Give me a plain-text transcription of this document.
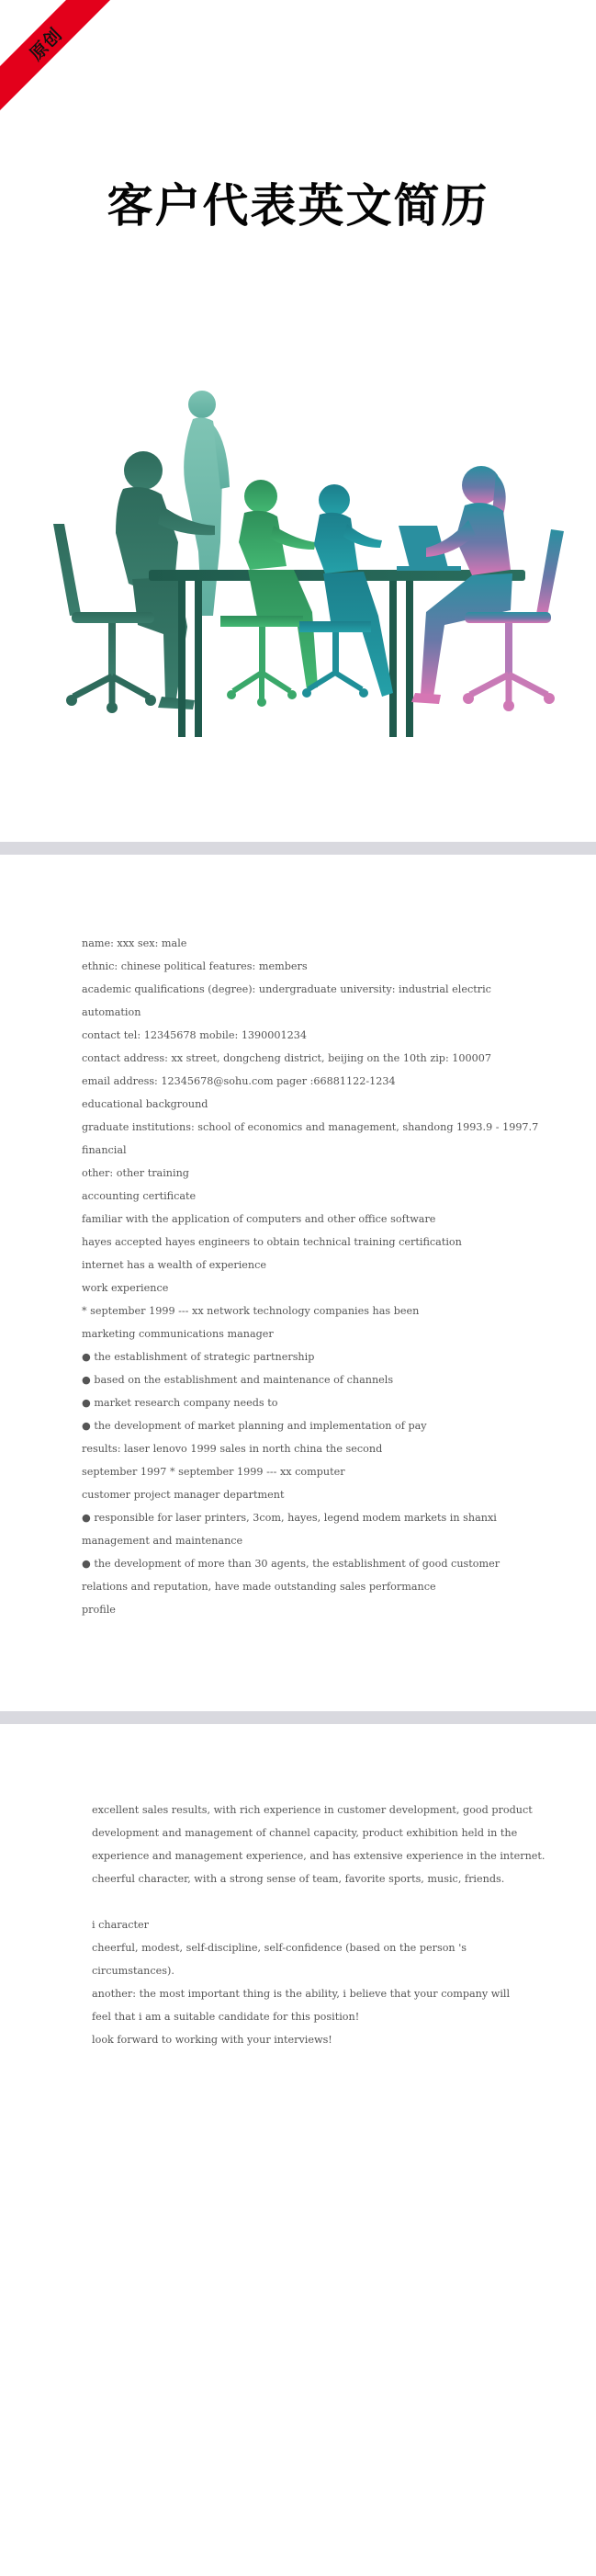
原创
客户代表英文简历

name: xxx sex: male

ethnic: chinese political features: members

academic qualifications (degree): undergraduate university: industrial electric

automation

contact tel: 12345678 mobile: 1390001234

contact address: xx street, dongcheng district, beijing on the 10th zip: 100007

email address: 12345678@sohu.com pager :66881122-1234

educational background

graduate institutions: school of economics and management, shandong 1993.9 - 1997.7

financial

other: other training

accounting certificate

familiar with the application of computers and other office software

hayes accepted hayes engineers to obtain technical training certification

internet has a wealth of experience

work experience

* september 1999 --- xx network technology companies has been

marketing communications manager

● the establishment of strategic partnership

● based on the establishment and maintenance of channels

● market research company needs to

● the development of market planning and implementation of pay

results: laser lenovo 1999 sales in north china the second

september 1997 * september 1999 --- xx computer

customer project manager department

● responsible for laser printers, 3com, hayes, legend modem markets in shanxi

management and maintenance

● the development of more than 30 agents, the establishment of good customer

relations and reputation, have made outstanding sales performance

profile

excellent sales results, with rich experience in customer development, good product

development and management of channel capacity, product exhibition held in the

experience and management experience, and has extensive experience in the internet.

cheerful character, with a strong sense of team, favorite sports, music, friends.

i character

cheerful, modest, self-discipline, self-confidence (based on the person 's

circumstances).

another: the most important thing is the ability, i believe that your company will

feel that i am a suitable candidate for this position!

look forward to working with your interviews!
